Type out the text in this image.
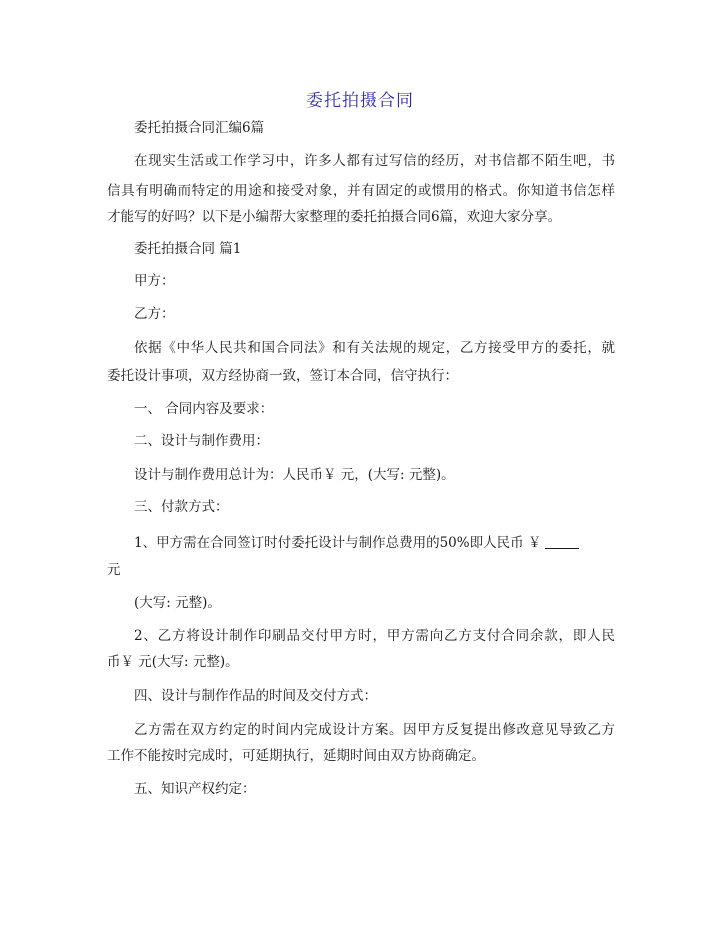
委托拍摄合同
委托拍摄合同汇编6篇
在现实生活或工作学习中，许多人都有过写信的经历，对书信都不陌生吧，书
信具有明确而特定的用途和接受对象，并有固定的或惯用的格式。你知道书信怎样
才能写的好吗？以下是小编帮大家整理的委托拍摄合同6篇，欢迎大家分享。
委托拍摄合同 篇1
甲方：
乙方：
依据《中华人民共和国合同法》和有关法规的规定，乙方接受甲方的委托，就
委托设计事项，双方经协商一致，签订本合同，信守执行：
一、 合同内容及要求：
二、设计与制作费用：
设计与制作费用总计为：人民币￥ 元，(大写: 元整)。
三、付款方式：
1、甲方需在合同签订时付委托设计与制作总费用的50%即人民币 ￥
元
(大写: 元整)。
2、乙方将设计制作印刷品交付甲方时，甲方需向乙方支付合同余款，即人民
币￥ 元(大写: 元整)。
四、设计与制作作品的时间及交付方式：
乙方需在双方约定的时间内完成设计方案。因甲方反复提出修改意见导致乙方
工作不能按时完成时，可延期执行，延期时间由双方协商确定。
五、知识产权约定：
